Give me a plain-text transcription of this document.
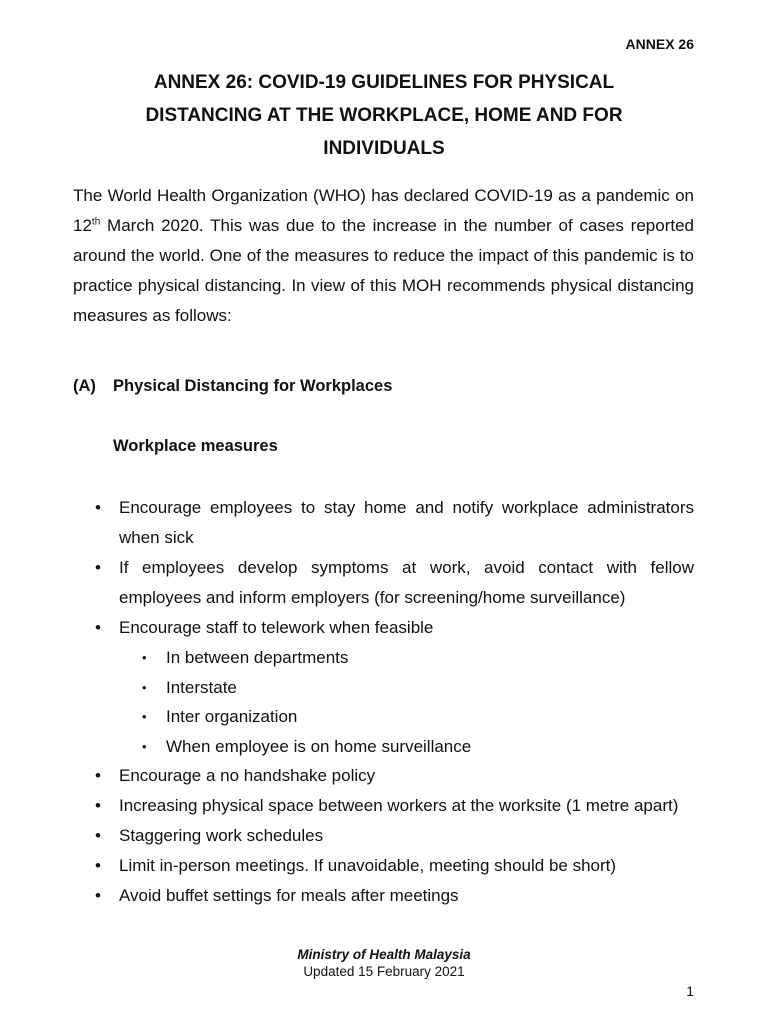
ANNEX 26
ANNEX 26: COVID-19 GUIDELINES FOR PHYSICAL
DISTANCING AT THE WORKPLACE, HOME AND FOR
INDIVIDUALS

The World Health Organization (WHO) has declared COVID-19 as a pandemic on 12th March 2020. This was due to the increase in the number of cases reported around the world. One of the measures to reduce the impact of this pandemic is to practice physical distancing. In view of this MOH recommends physical distancing measures as follows:

(A) Physical Distancing for Workplaces
Workplace measures
• Encourage employees to stay home and notify workplace administrators when sick
• If employees develop symptoms at work, avoid contact with fellow employees and inform employers (for screening/home surveillance)
• Encourage staff to telework when feasible
• In between departments
• Interstate
• Inter organization
• When employee is on home surveillance
• Encourage a no handshake policy
• Increasing physical space between workers at the worksite (1 metre apart)
• Staggering work schedules
• Limit in-person meetings. If unavoidable, meeting should be short)
• Avoid buffet settings for meals after meetings
Ministry of Health Malaysia
Updated 15 February 2021
1
